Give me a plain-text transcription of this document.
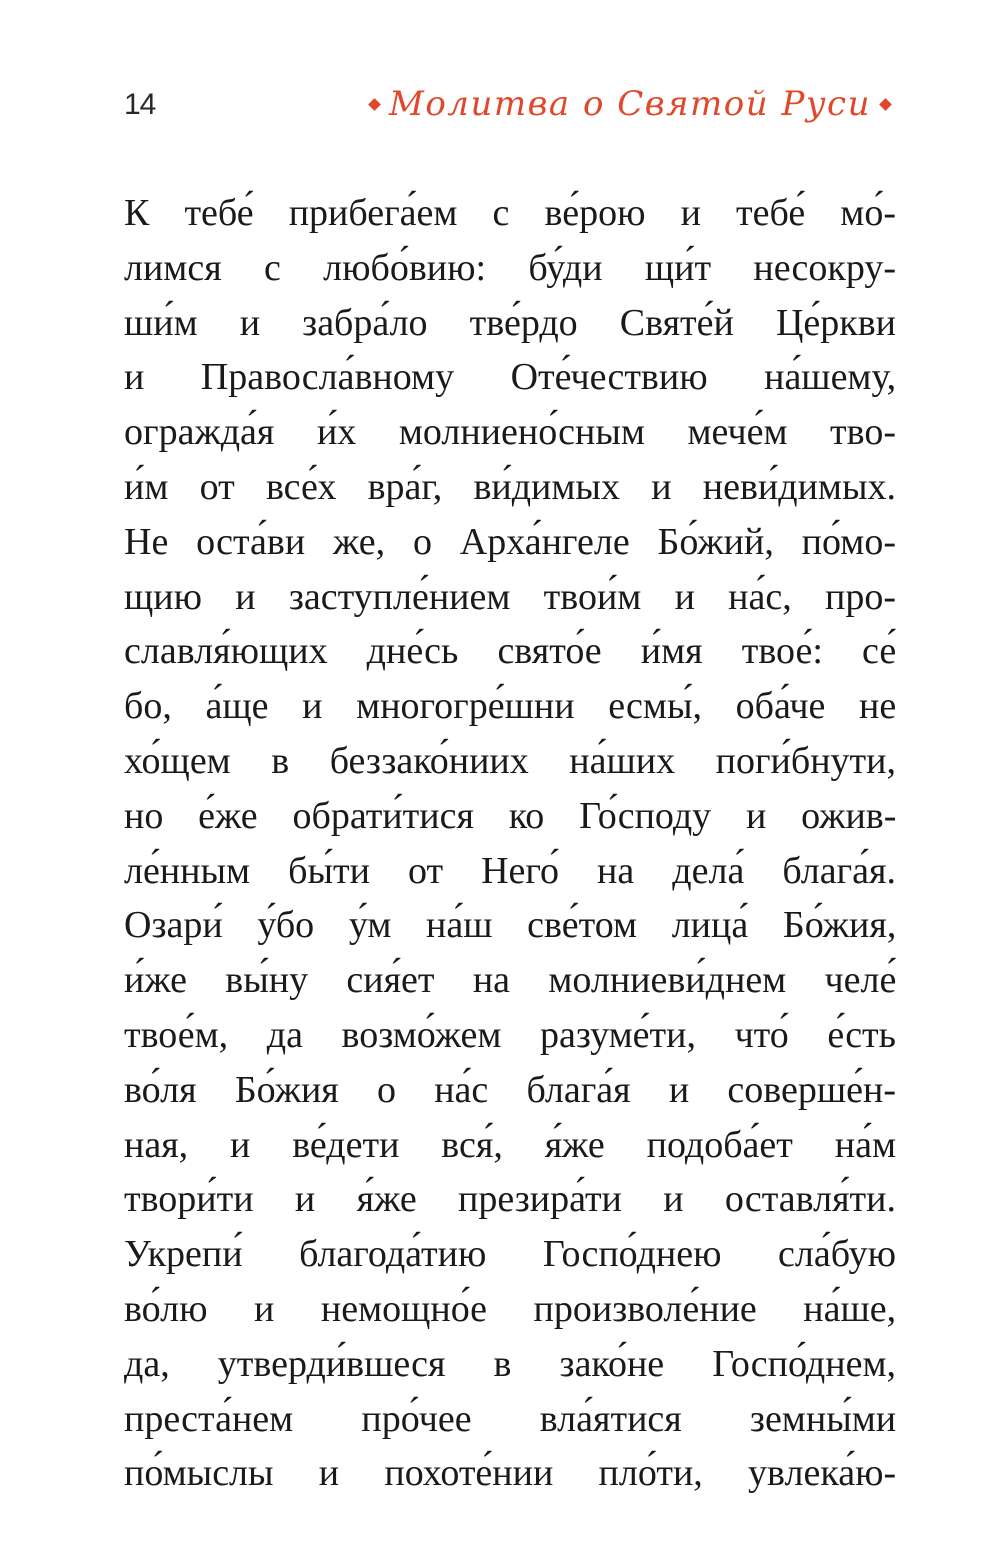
14	Молитва о Святой Руси
К тебе́ прибега́ем с ве́рою и тебе́ мо́-
лимся с любо́вию: бу́ди щи́т несокру-
ши́м и забра́ло тве́рдо Святе́й Це́ркви
и Правосла́вному Оте́чествию на́шему,
огражда́я и́х молниено́сным мече́м тво-
и́м от все́х вра́г, ви́димых и неви́димых.
Не оста́ви же, о Арха́нгеле Бо́жий, по́мо-
щию и заступле́нием твои́м и на́с, про-
славля́ющих дне́сь свято́е и́мя твое́: се́
бо, а́ще и многогре́шни есмы́, оба́че не
хо́щем в беззако́ниих на́ших поги́бнути,
но е́же обрати́тися ко Го́споду и ожив-
ле́нным бы́ти от Него́ на дела́ блага́я.
Озари́ у́бо у́м на́ш све́том лица́ Бо́жия,
и́же вы́ну сия́ет на молниеви́днем челе́
твое́м, да возмо́жем разуме́ти, что́ е́сть
во́ля Бо́жия о на́с блага́я и соверше́н-
ная, и ве́дети вся́, я́же подоба́ет на́м
твори́ти и я́же презира́ти и оставля́ти.
Укрепи́ благода́тию Госпо́днею сла́бую
во́лю и немощно́е произволе́ние на́ше,
да, утверди́вшеся в зако́не Госпо́днем,
преста́нем про́чее вла́ятися земны́ми
по́мыслы и похоте́нии пло́ти, увлека́ю-
